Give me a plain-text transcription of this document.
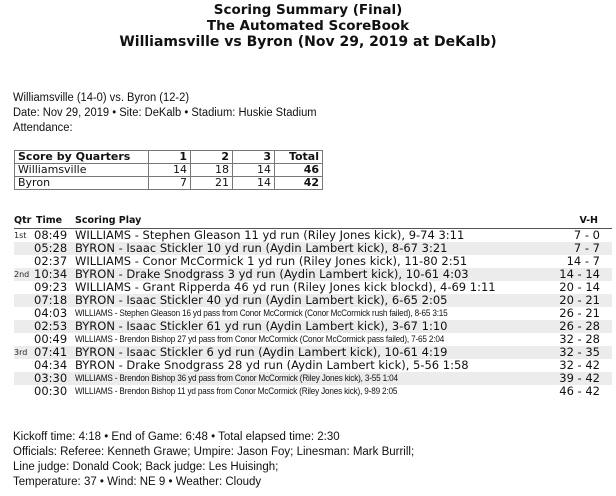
Scoring Summary (Final)
The Automated ScoreBook
Williamsville vs Byron (Nov 29, 2019 at DeKalb)
Williamsville (14-0) vs. Byron (12-2)
Date: Nov 29, 2019 • Site: DeKalb • Stadium: Huskie Stadium
Attendance:
Score by Quarters	1	2	3	Total
Williamsville	14	18	14	46
Byron	7	21	14	42
Qtr Time Scoring Play	V-H
1st 08:49 WILLIAMS - Stephen Gleason 11 yd run (Riley Jones kick), 9-74 3:11	7 - 0
05:28 BYRON - Isaac Stickler 10 yd run (Aydin Lambert kick), 8-67 3:21	7 - 7
02:37 WILLIAMS - Conor McCormick 1 yd run (Riley Jones kick), 11-80 2:51	14 - 7
2nd 10:34 BYRON - Drake Snodgrass 3 yd run (Aydin Lambert kick), 10-61 4:03	14 - 14
09:23 WILLIAMS - Grant Ripperda 46 yd run (Riley Jones kick blockd), 4-69 1:11	20 - 14
07:18 BYRON - Isaac Stickler 40 yd run (Aydin Lambert kick), 6-65 2:05	20 - 21
04:03 WILLIAMS - Stephen Gleason 16 yd pass from Conor McCormick (Conor McCormick rush failed), 8-65 3:15	26 - 21
02:53 BYRON - Isaac Stickler 61 yd run (Aydin Lambert kick), 3-67 1:10	26 - 28
00:49 WILLIAMS - Brendon Bishop 27 yd pass from Conor McCormick (Conor McCormick pass failed), 7-65 2:04	32 - 28
3rd 07:41 BYRON - Isaac Stickler 6 yd run (Aydin Lambert kick), 10-61 4:19	32 - 35
04:34 BYRON - Drake Snodgrass 28 yd run (Aydin Lambert kick), 5-56 1:58	32 - 42
03:30 WILLIAMS - Brendon Bishop 36 yd pass from Conor McCormick (Riley Jones kick), 3-55 1:04	39 - 42
00:30 WILLIAMS - Brendon Bishop 11 yd pass from Conor McCormick (Riley Jones kick), 9-89 2:05	46 - 42
Kickoff time: 4:18 • End of Game: 6:48 • Total elapsed time: 2:30
Officials: Referee: Kenneth Grawe; Umpire: Jason Foy; Linesman: Mark Burrill;
Line judge: Donald Cook; Back judge: Les Huisingh;
Temperature: 37 • Wind: NE 9 • Weather: Cloudy
